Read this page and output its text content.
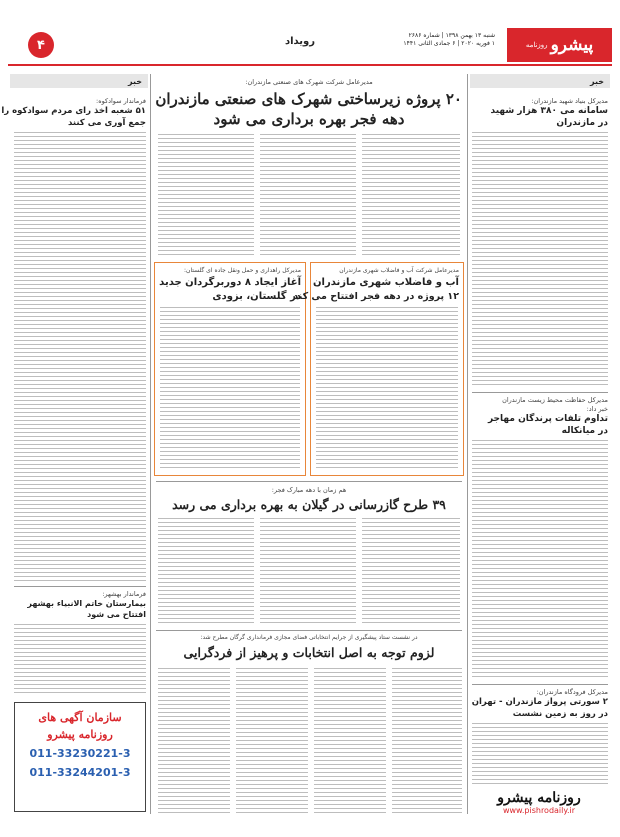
پیشرو
روزنامه
شنبه ۱۳ بهمن ۱۳۹۸ | شماره ۲۶۸۶
۱ فوریه ۲۰۲۰ | ۶ جمادی الثانی ۱۴۴۱
رویداد
۴
خبر
مدیرکل بنیاد شهید مازندران:
سامانه می ۳۸۰ هزار شهید
در مازندران
مدیرکل حفاظت محیط زیست مازندران
خبر داد:
تداوم تلفات پرندگان مهاجر
در میانکاله
مدیرکل فرودگاه مازندران:
۲ سورتی پرواز مازندران - تهران
در روز به زمین نشست
روزنامه پیشرو
www.pishrodaily.ir
خبر
فرماندار سوادکوه:
۵۱ شعبه اخذ رای مردم سوادکوه را
جمع آوری می کنند
فرماندار بهشهر:
بیمارستان خاتم الانبیاء بهشهر
افتتاح می شود
سازمان آگهی های
روزنامه پیشرو
011-33230221-3
011-33244201-3
مدیرعامل شرکت شهرک های صنعتی مازندران:
۲۰ پروژه زیرساختی شهرک های صنعتی مازندران
دهه فجر بهره برداری می شود
مدیرکل راهداری و حمل ونقل جاده ای گلستان:
آغاز ایجاد ۸ دوربرگردان جدید
در گلستان، بزودی
مدیرعامل شرکت آب و فاضلاب شهری مازندران
آب و فاضلاب شهری مازندران
۱۲ پروژه در دهه فجر افتتاح می کند
هم زمان با دهه مبارک فجر:
۳۹ طرح گازرسانی در گیلان به بهره برداری می رسد
در نشست ستاد پیشگیری از جرایم انتخاباتی فضای مجازی فرمانداری گرگان مطرح شد:
لزوم توجه به اصل انتخابات و پرهیز از فردگرایی
